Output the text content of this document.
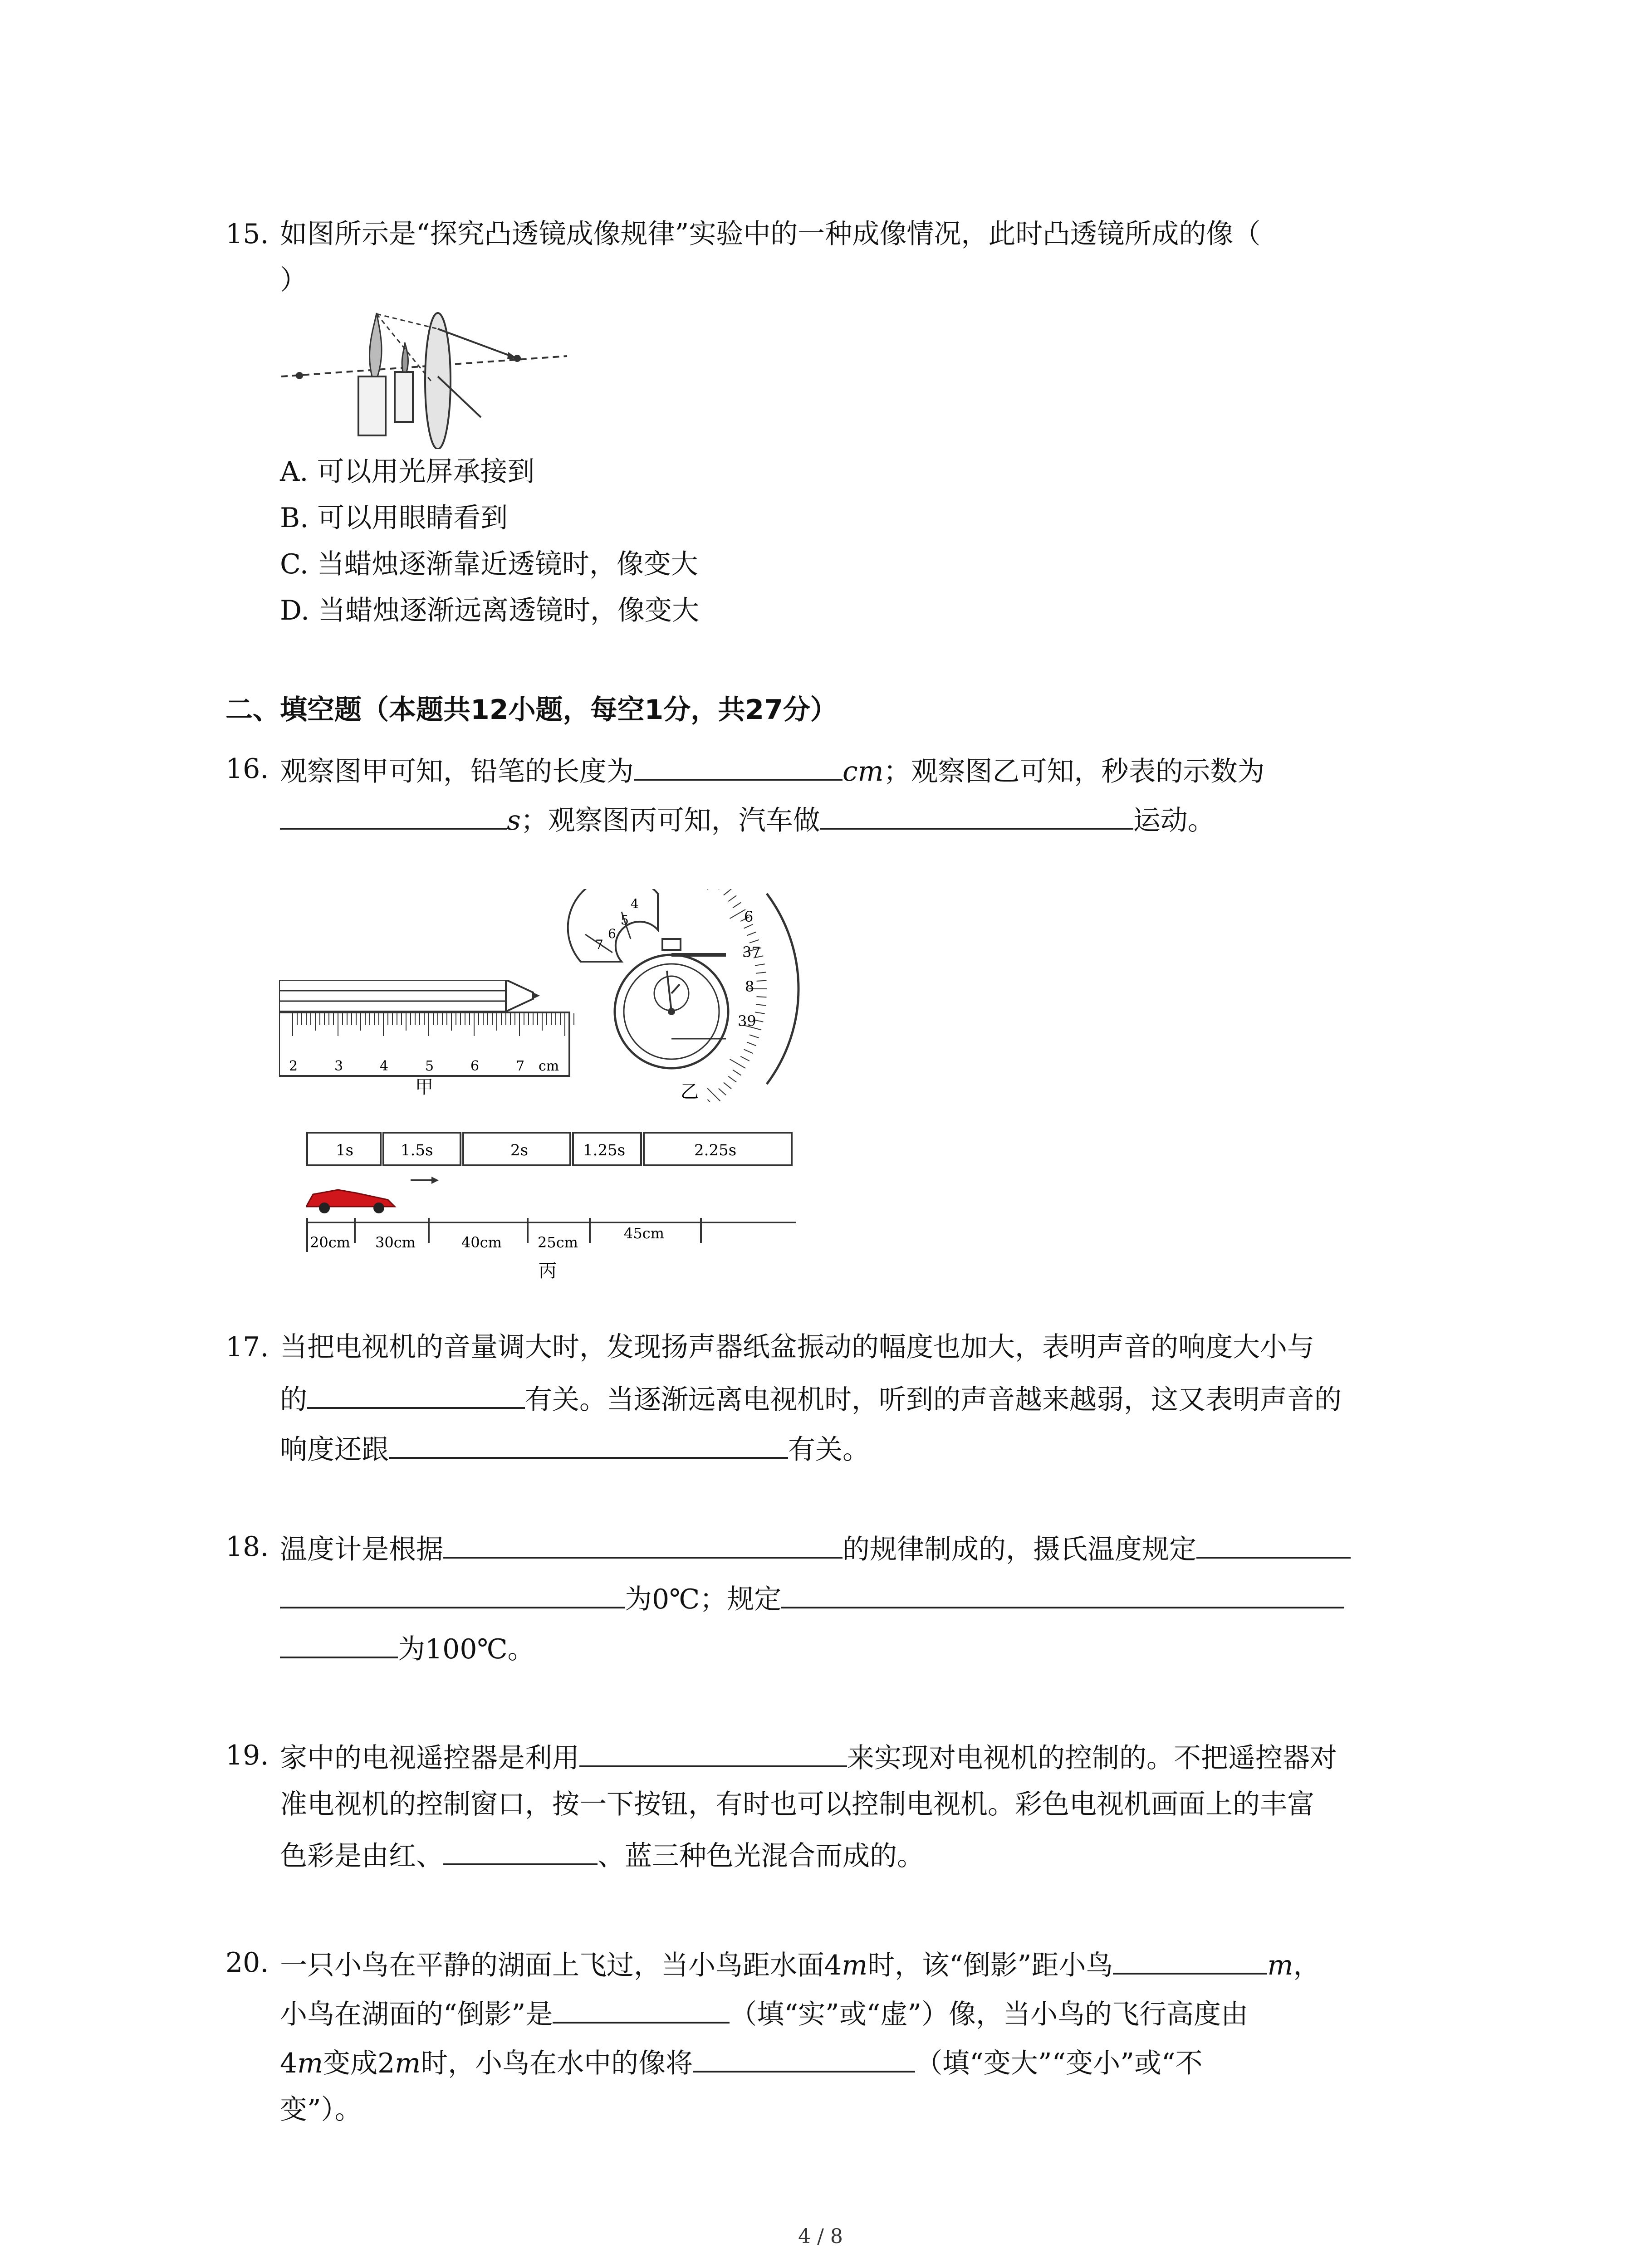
15. 如图所示是“探究凸透镜成像规律”实验中的一种成像情况，此时凸透镜所成的像（
）
A. 可以用光屏承接到
B. 可以用眼睛看到
C. 当蜡烛逐渐靠近透镜时，像变大
D. 当蜡烛逐渐远离透镜时，像变大
二、填空题（本题共12小题，每空1分，共27分）
16. 观察图甲可知，铅笔的长度为	cm；观察图乙可知，秒表的示数为
s；观察图丙可知，汽车做	运动。
2	3	4	5	6	7 cm
甲
4
5
6
7
6
37
8
39
乙
1s	1.5s	2s	1.25s	2.25s
20cm 30cm	40cm 25cm
45cm
丙
17. 当把电视机的音量调大时，发现扬声器纸盆振动的幅度也加大，表明声音的响度大小与
的	有关。当逐渐远离电视机时，听到的声音越来越弱，这又表明声音的
响度还跟	有关。
18. 温度计是根据	的规律制成的，摄氏温度规定
为0℃；规定
为100℃。
19. 家中的电视遥控器是利用	来实现对电视机的控制的。不把遥控器对
准电视机的控制窗口，按一下按钮，有时也可以控制电视机。彩色电视机画面上的丰富
色彩是由红、	、蓝三种色光混合而成的。
20. 一只小鸟在平静的湖面上飞过，当小鸟距水面4m时，该“倒影”距小鸟	m，
小鸟在湖面的“倒影”是	（填“实”或“虚”）像，当小鸟的飞行高度由
4m变成2m时，小鸟在水中的像将	（填“变大”“变小”或“不
变”）。
4 / 8
